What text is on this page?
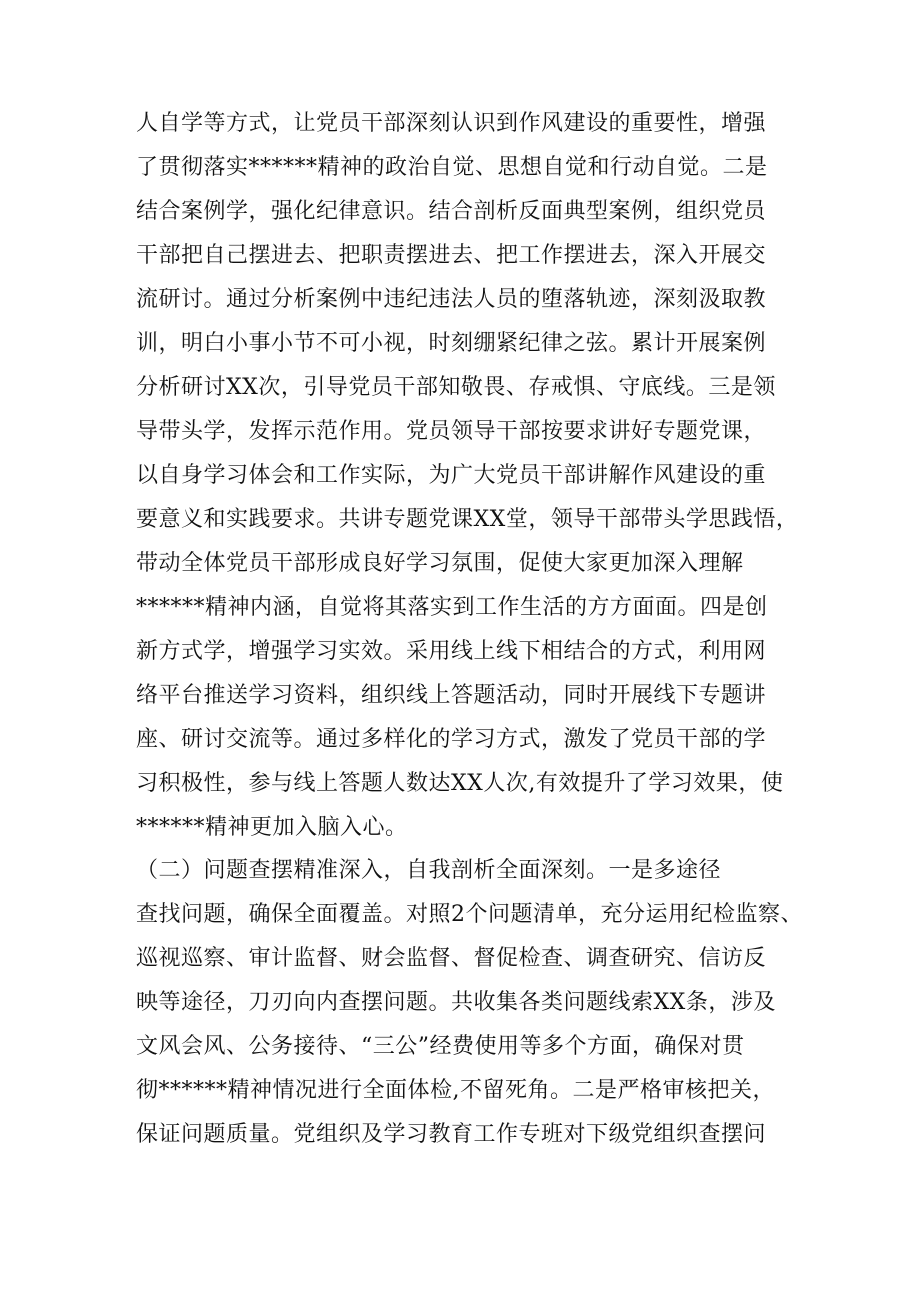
人自学等方式，让党员干部深刻认识到作风建设的重要性，增强
了贯彻落实******精神的政治自觉、思想自觉和行动自觉。二是
结合案例学，强化纪律意识。结合剖析反面典型案例，组织党员
干部把自己摆进去、把职责摆进去、把工作摆进去，深入开展交
流研讨。通过分析案例中违纪违法人员的堕落轨迹，深刻汲取教
训，明白小事小节不可小视，时刻绷紧纪律之弦。累计开展案例
分析研讨XX次，引导党员干部知敬畏、存戒惧、守底线。三是领
导带头学，发挥示范作用。党员领导干部按要求讲好专题党课，
以自身学习体会和工作实际，为广大党员干部讲解作风建设的重
要意义和实践要求。共讲专题党课XX堂，领导干部带头学思践悟，
带动全体党员干部形成良好学习氛围，促使大家更加深入理解
******精神内涵，自觉将其落实到工作生活的方方面面。四是创
新方式学，增强学习实效。采用线上线下相结合的方式，利用网
络平台推送学习资料，组织线上答题活动，同时开展线下专题讲
座、研讨交流等。通过多样化的学习方式，激发了党员干部的学
习积极性，参与线上答题人数达XX人次,有效提升了学习效果，使
******精神更加入脑入心。
（二）问题查摆精准深入，自我剖析全面深刻。一是多途径
查找问题，确保全面覆盖。对照2个问题清单，充分运用纪检监察、
巡视巡察、审计监督、财会监督、督促检查、调查研究、信访反
映等途径，刀刃向内查摆问题。共收集各类问题线索XX条，涉及
文风会风、公务接待、“三公”经费使用等多个方面，确保对贯
彻******精神情况进行全面体检,不留死角。二是严格审核把关，
保证问题质量。党组织及学习教育工作专班对下级党组织查摆问
